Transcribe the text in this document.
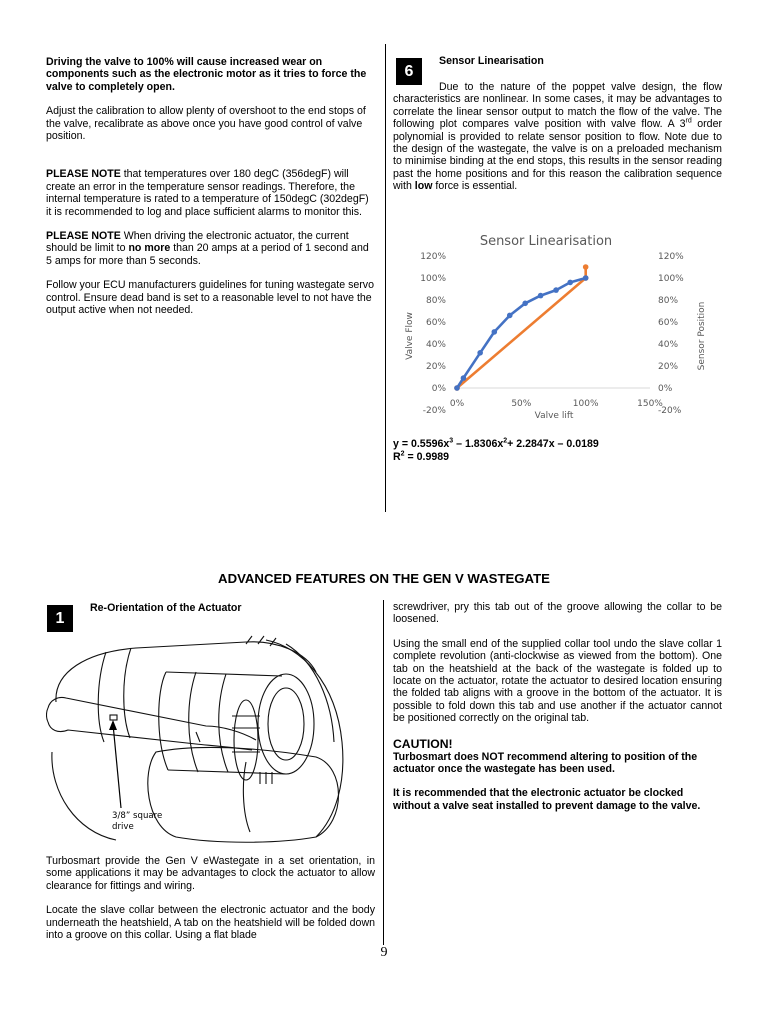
Driving the valve to 100% will cause increased wear on components such as the electronic motor as it tries to force the valve to completely open.

Adjust the calibration to allow plenty of overshoot to the end stops of the valve, recalibrate as above once you have good control of valve position.

PLEASE NOTE that temperatures over 180 degC (356degF) will create an error in the temperature sensor readings. Therefore, the internal temperature is rated to a temperature of 150degC (302degF) it is recommended to log and place sufficient alarms to monitor this.

PLEASE NOTE When driving the electronic actuator, the current should be limit to no more than 20 amps at a period of 1 second and 5 amps for more than 5 seconds.

Follow your ECU manufacturers guidelines for tuning wastegate servo control. Ensure dead band is set to a reasonable level to not have the output active when not needed.

6
Sensor Linearisation

Due to the nature of the poppet valve design, the flow characteristics are nonlinear. In some cases, it may be advantages to correlate the linear sensor output to match the flow of the valve. The following plot compares valve position with valve flow. A 3rd order polynomial is provided to relate sensor position to flow. Note due to the design of the wastegate, the valve is on a preloaded mechanism to minimise binding at the end stops, this results in the sensor reading past the home positions and for this reason the calibration sequence with low force is essential.

Sensor Linearisation
-20%
0%
20%
40%
60%
80%
100%
120%
-20%
0%
20%
40%
60%
80%
100%
120%
0%	50%	100%	150%
Valve Flow	Sensor Position
Valve lift
$y = 0.5596x^3 - 1.8306x^2+ 2.2847x - 0.0189$
$R^2 = 0.9989$
ADVANCED FEATURES ON THE GEN V WASTEGATE
1
Re-Orientation of the Actuator
3/8” square
drive

Turbosmart provide the Gen V eWastegate in a set orientation, in some applications it may be advantages to clock the actuator to allow clearance for fittings and wiring.

Locate the slave collar between the electronic actuator and the body underneath the heatshield, A tab on the heatshield will be folded down into a groove on this collar. Using a flat blade

screwdriver, pry this tab out of the groove allowing the collar to be loosened.

Using the small end of the supplied collar tool undo the slave collar 1 complete revolution (anti-clockwise as viewed from the bottom). One tab on the heatshield at the back of the wastegate is folded up to locate on the actuator, rotate the actuator to desired location ensuring the folded tab aligns with a groove in the bottom of the actuator. It is possible to fold down this tab and use another if the actuator cannot be positioned correctly on the original tab.

CAUTION!

Turbosmart does NOT recommend altering to position of the actuator once the wastegate has been used.

It is recommended that the electronic actuator be clocked without a valve seat installed to prevent damage to the valve.

9
